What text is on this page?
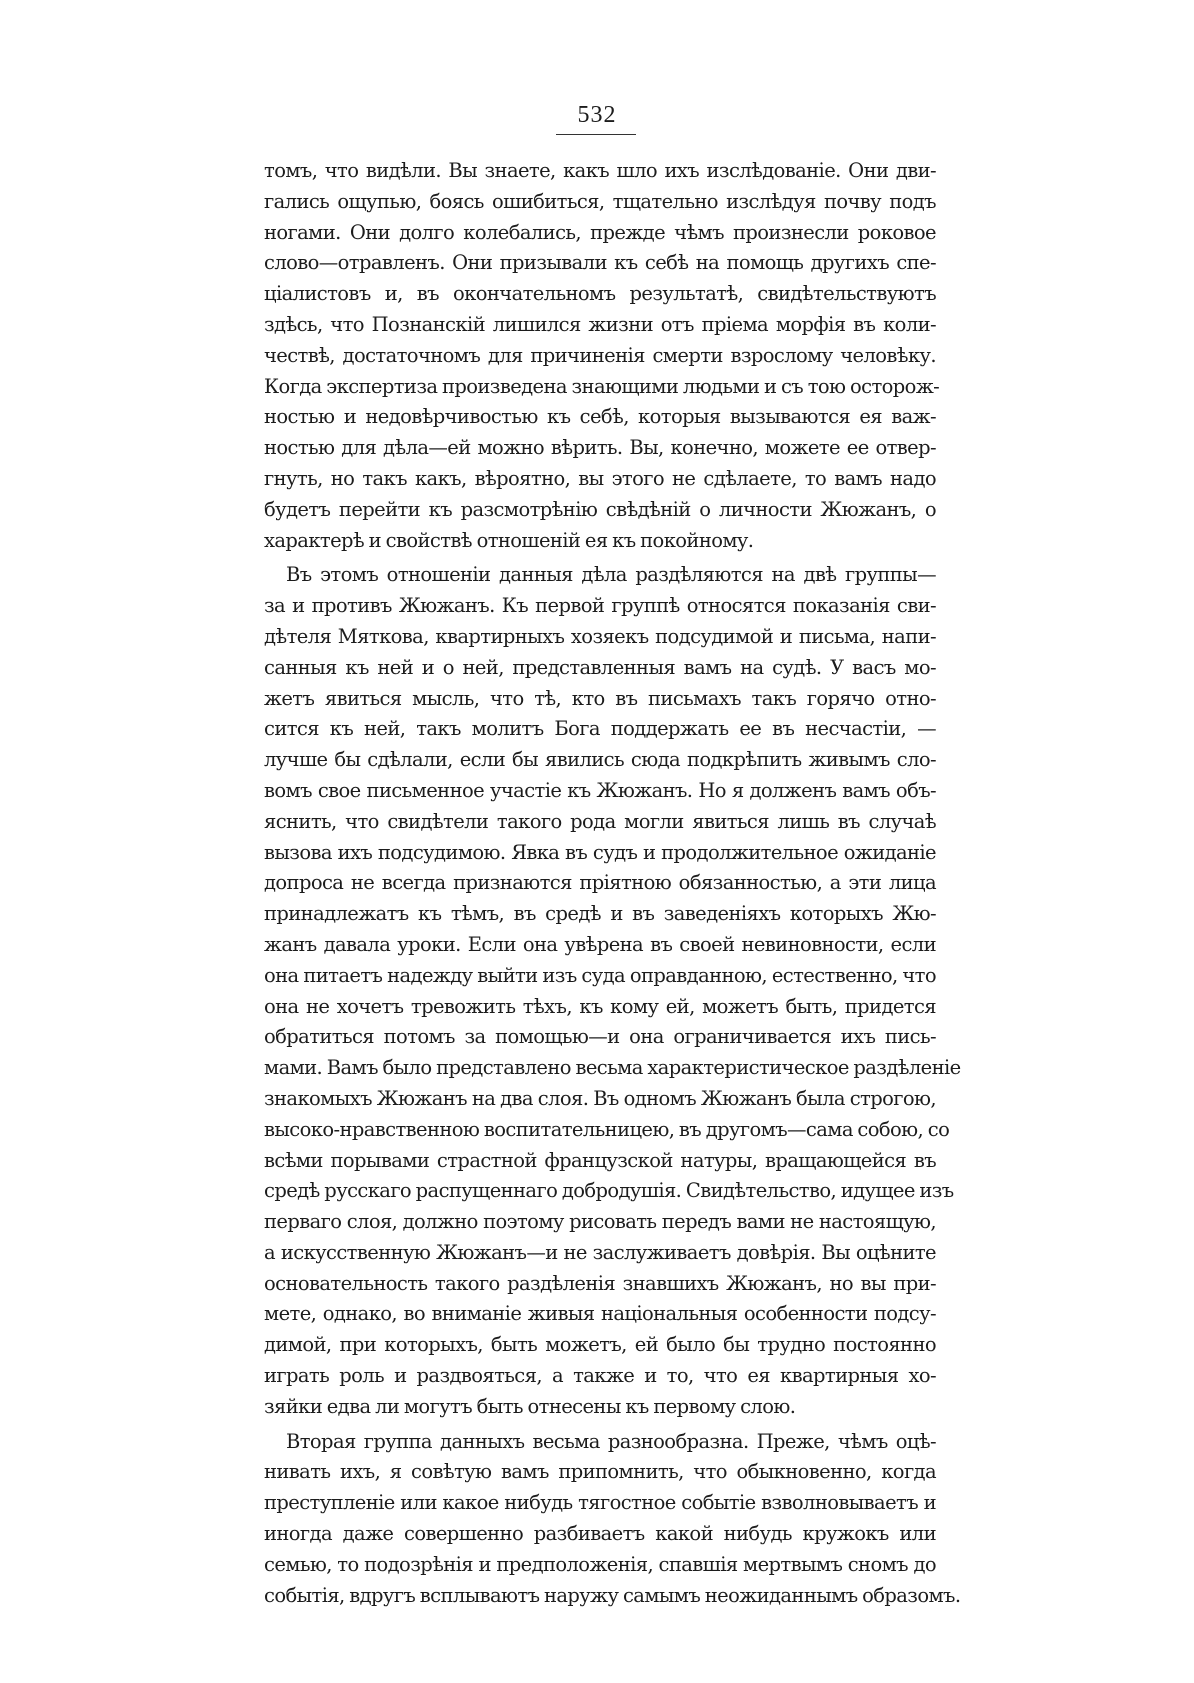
532
томъ, что видѣли. Вы знаете, какъ шло ихъ изслѣдованіе. Они дви-
гались ощупью, боясь ошибиться, тщательно изслѣдуя почву подъ
ногами. Они долго колебались, прежде чѣмъ произнесли роковое
слово—отравленъ. Они призывали къ себѣ на помощь другихъ спе-
ціалистовъ и, въ окончательномъ результатѣ, свидѣтельствуютъ
здѣсь, что Познанскій лишился жизни отъ пріема морфія въ коли-
чествѣ, достаточномъ для причиненія смерти взрослому человѣку.
Когда экспертиза произведена знающими людьми и съ тою осторож-
ностью и недовѣрчивостью къ себѣ, которыя вызываются ея важ-
ностью для дѣла—ей можно вѣрить. Вы, конечно, можете ее отвер-
гнуть, но такъ какъ, вѣроятно, вы этого не сдѣлаете, то вамъ надо
будетъ перейти къ разсмотрѣнію свѣдѣній о личности Жюжанъ, о
характерѣ и свойствѣ отношеній ея къ покойному.
Въ этомъ отношеніи данныя дѣла раздѣляются на двѣ группы—
за и противъ Жюжанъ. Къ первой группѣ относятся показанія сви-
дѣтеля Мяткова, квартирныхъ хозяекъ подсудимой и письма, напи-
санныя къ ней и о ней, представленныя вамъ на судѣ. У васъ мо-
жетъ явиться мысль, что тѣ, кто въ письмахъ такъ горячо отно-
сится къ ней, такъ молитъ Бога поддержать ее въ несчастіи, —
лучше бы сдѣлали, если бы явились сюда подкрѣпить живымъ сло-
вомъ свое письменное участіе къ Жюжанъ. Но я долженъ вамъ объ-
яснить, что свидѣтели такого рода могли явиться лишь въ случаѣ
вызова ихъ подсудимою. Явка въ судъ и продолжительное ожиданіе
допроса не всегда признаются пріятною обязанностью, а эти лица
принадлежатъ къ тѣмъ, въ средѣ и въ заведеніяхъ которыхъ Жю-
жанъ давала уроки. Если она увѣрена въ своей невиновности, если
она питаетъ надежду выйти изъ суда оправданною, естественно, что
она не хочетъ тревожить тѣхъ, къ кому ей, можетъ быть, придется
обратиться потомъ за помощью—и она ограничивается ихъ пись-
мами. Вамъ было представлено весьма характеристическое раздѣленіе
знакомыхъ Жюжанъ на два слоя. Въ одномъ Жюжанъ была строгою,
высоко-нравственною воспитательницею, въ другомъ—сама собою, со
всѣми порывами страстной французской натуры, вращающейся въ
средѣ русскаго распущеннаго добродушія. Свидѣтельство, идущее изъ
перваго слоя, должно поэтому рисовать передъ вами не настоящую,
а искусственную Жюжанъ—и не заслуживаетъ довѣрія. Вы оцѣните
основательность такого раздѣленія знавшихъ Жюжанъ, но вы при-
мете, однако, во вниманіе живыя національныя особенности подсу-
димой, при которыхъ, быть можетъ, ей было бы трудно постоянно
играть роль и раздвояться, а также и то, что ея квартирныя хо-
зяйки едва ли могутъ быть отнесены къ первому слою.
Вторая группа данныхъ весьма разнообразна. Преже, чѣмъ оцѣ-
нивать ихъ, я совѣтую вамъ припомнить, что обыкновенно, когда
преступленіе или какое нибудь тягостное событіе взволновываетъ и
иногда даже совершенно разбиваетъ какой нибудь кружокъ или
семью, то подозрѣнія и предположенія, спавшія мертвымъ сномъ до
событія, вдругъ всплываютъ наружу самымъ неожиданнымъ образомъ.
